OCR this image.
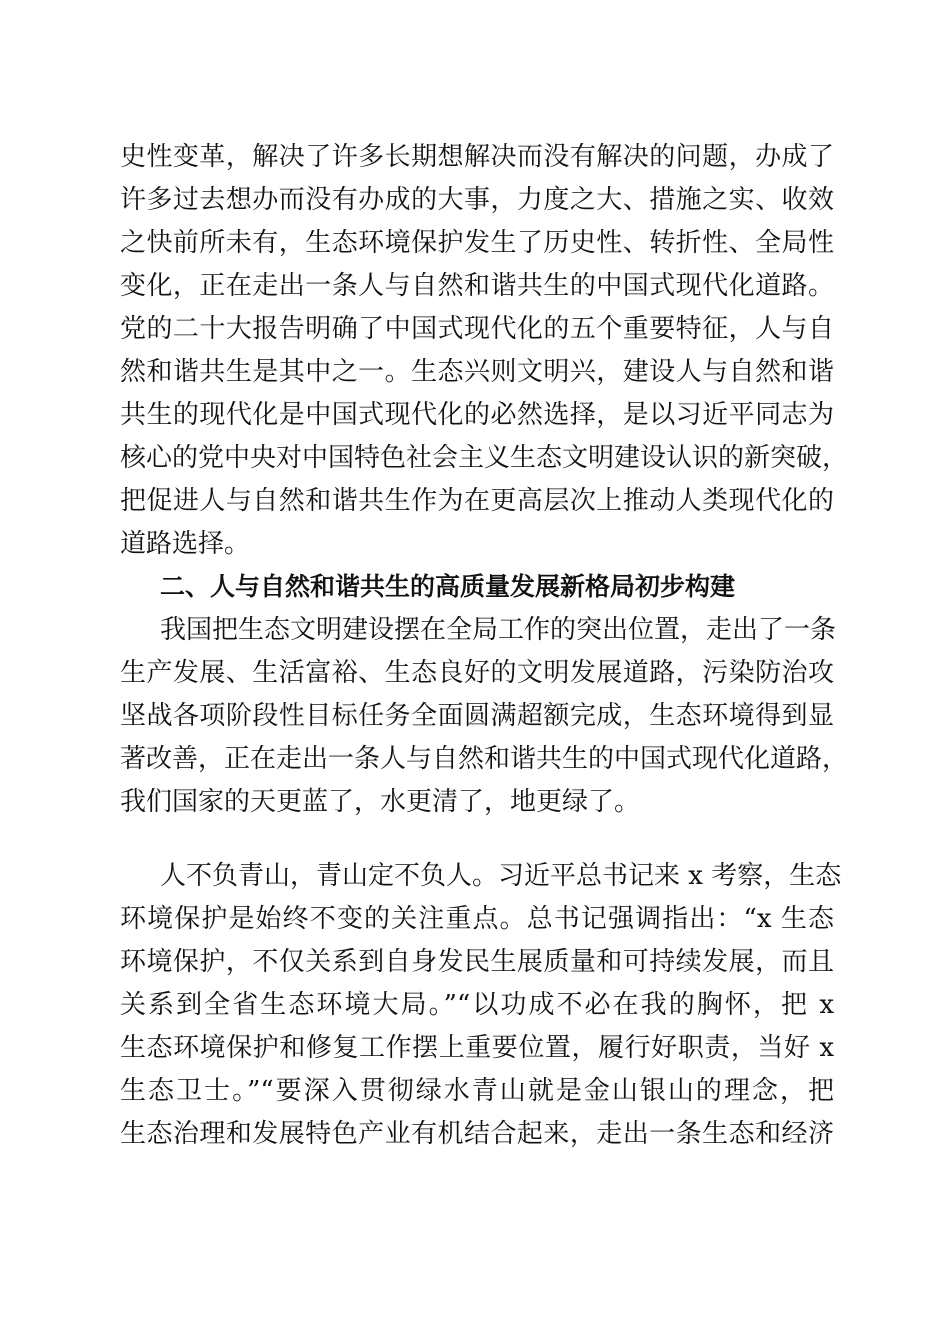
史性变革，解决了许多长期想解决而没有解决的问题，办成了
许多过去想办而没有办成的大事，力度之大、措施之实、收效
之快前所未有，生态环境保护发生了历史性、转折性、全局性
变化，正在走出一条人与自然和谐共生的中国式现代化道路。
党的二十大报告明确了中国式现代化的五个重要特征，人与自
然和谐共生是其中之一。生态兴则文明兴，建设人与自然和谐
共生的现代化是中国式现代化的必然选择，是以习近平同志为
核心的党中央对中国特色社会主义生态文明建设认识的新突破，
把促进人与自然和谐共生作为在更高层次上推动人类现代化的
道路选择。
二、人与自然和谐共生的高质量发展新格局初步构建
我国把生态文明建设摆在全局工作的突出位置，走出了一条
生产发展、生活富裕、生态良好的文明发展道路，污染防治攻
坚战各项阶段性目标任务全面圆满超额完成，生态环境得到显
著改善，正在走出一条人与自然和谐共生的中国式现代化道路，
我们国家的天更蓝了，水更清了，地更绿了。
人不负青山，青山定不负人。习近平总书记来 x 考察，生态
环境保护是始终不变的关注重点。总书记强调指出：“x 生态
环境保护，不仅关系到自身发民生展质量和可持续发展，而且
关系到全省生态环境大局。”“以功成不必在我的胸怀，把 x
生态环境保护和修复工作摆上重要位置，履行好职责，当好 x
生态卫士。”“要深入贯彻绿水青山就是金山银山的理念，把
生态治理和发展特色产业有机结合起来，走出一条生态和经济
